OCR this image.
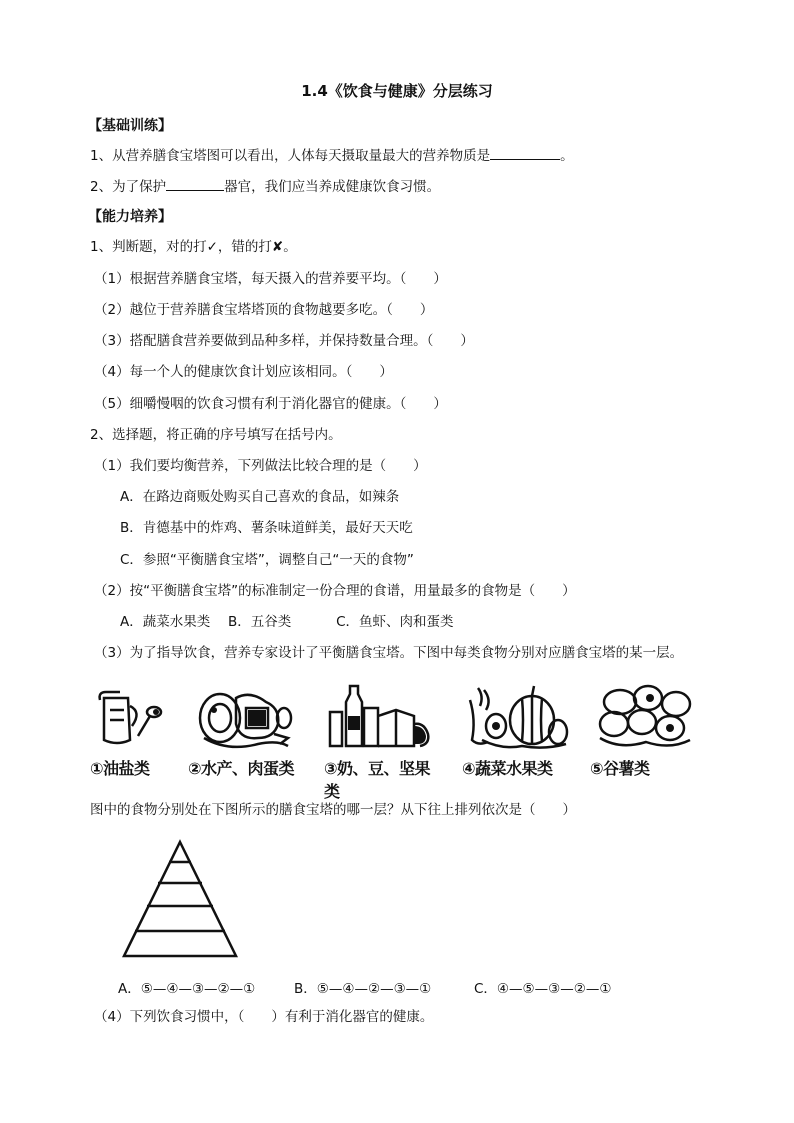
1.4《饮食与健康》分层练习
【基础训练】
1、从营养膳食宝塔图可以看出，人体每天摄取量最大的营养物质是	。
2、为了保护	器官，我们应当养成健康饮食习惯。
【能力培养】
1、判断题，对的打✓，错的打✘。
（1）根据营养膳食宝塔，每天摄入的营养要平均。（　　）
（2）越位于营养膳食宝塔塔顶的食物越要多吃。（　　）
（3）搭配膳食营养要做到品种多样，并保持数量合理。（　　）
（4）每一个人的健康饮食计划应该相同。（　　）
（5）细嚼慢咽的饮食习惯有利于消化器官的健康。（　　）
2、选择题，将正确的序号填写在括号内。
（1）我们要均衡营养，下列做法比较合理的是（　　）
A．在路边商贩处购买自己喜欢的食品，如辣条
B．肯德基中的炸鸡、薯条味道鲜美，最好天天吃
C．参照“平衡膳食宝塔”，调整自己“一天的食物”
（2）按“平衡膳食宝塔”的标准制定一份合理的食谱，用量最多的食物是（　　）
A．蔬菜水果类　 B．五谷类　　　 C．鱼虾、肉和蛋类
（3）为了指导饮食，营养专家设计了平衡膳食宝塔。下图中每类食物分别对应膳食宝塔的某一层。
①油盐类 ②水产、肉蛋类 ③奶、豆、坚果类
④蔬菜水果类 ⑤谷薯类
图中的食物分别处在下图所示的膳食宝塔的哪一层？从下往上排列依次是（　　）
A．⑤—④—③—②—①	B．⑤—④—②—③—①	C．④—⑤—③—②—①
（4）下列饮食习惯中，（　　）有利于消化器官的健康。
